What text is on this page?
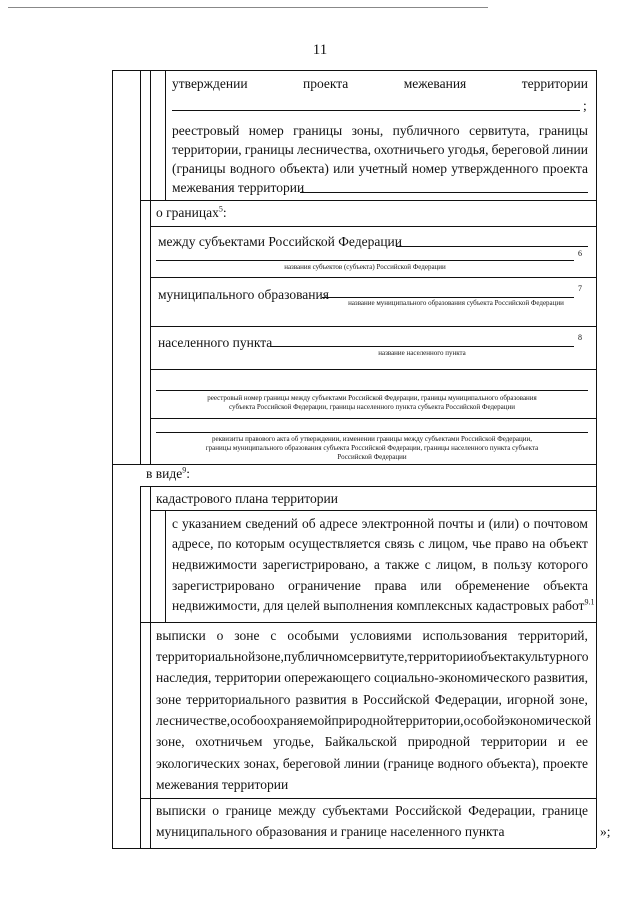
11
утверждении	проекта	межевания	территории
;
реестровый номер границы зоны, публичного сервитута, границы
территории, границы лесничества, охотничьего угодья, береговой линии
(границы водного объекта) или учетный номер утвержденного проекта
межевания территории
о границах$^5$:
между субъектами Российской Федерации
6
названия субъектов (субъекта) Российской Федерации
муниципального образования	7
название муниципального образования субъекта Российской Федерации
населенного пункта	8
название населенного пункта
реестровый номер границы между субъектами Российской Федерации, границы муниципального образования
субъекта Российской Федерации, границы населенного пункта субъекта Российской Федерации
реквизиты правового акта об утверждении, изменении границы между субъектами Российской Федерации,
границы муниципального образования субъекта Российской Федерации, границы населенного пункта субъекта
Российской Федерации
в виде$^9$:
кадастрового плана территории
с указанием сведений об адресе электронной почты и (или) о почтовом
адресе, по которым осуществляется связь с лицом, чье право на объект
недвижимости зарегистрировано, а также с лицом, в пользу которого
зарегистрировано ограничение права или обременение объекта
недвижимости, для целей выполнения комплексных кадастровых работ$^{9.1}$
выписки о зоне с особыми условиями использования территорий,
территориальной зоне, публичном сервитуте, территории объекта культурного
наследия, территории опережающего социально-экономического развития,
зоне территориального развития в Российской Федерации, игорной зоне,
лесничестве, особо охраняемой природной территории, особой экономической
зоне, охотничьем угодье, Байкальской природной территории и ее
экологических зонах, береговой линии (границе водного объекта), проекте
межевания территории
выписки о границе между субъектами Российской Федерации, границе
муниципального образования и границе населенного пункта	»;
